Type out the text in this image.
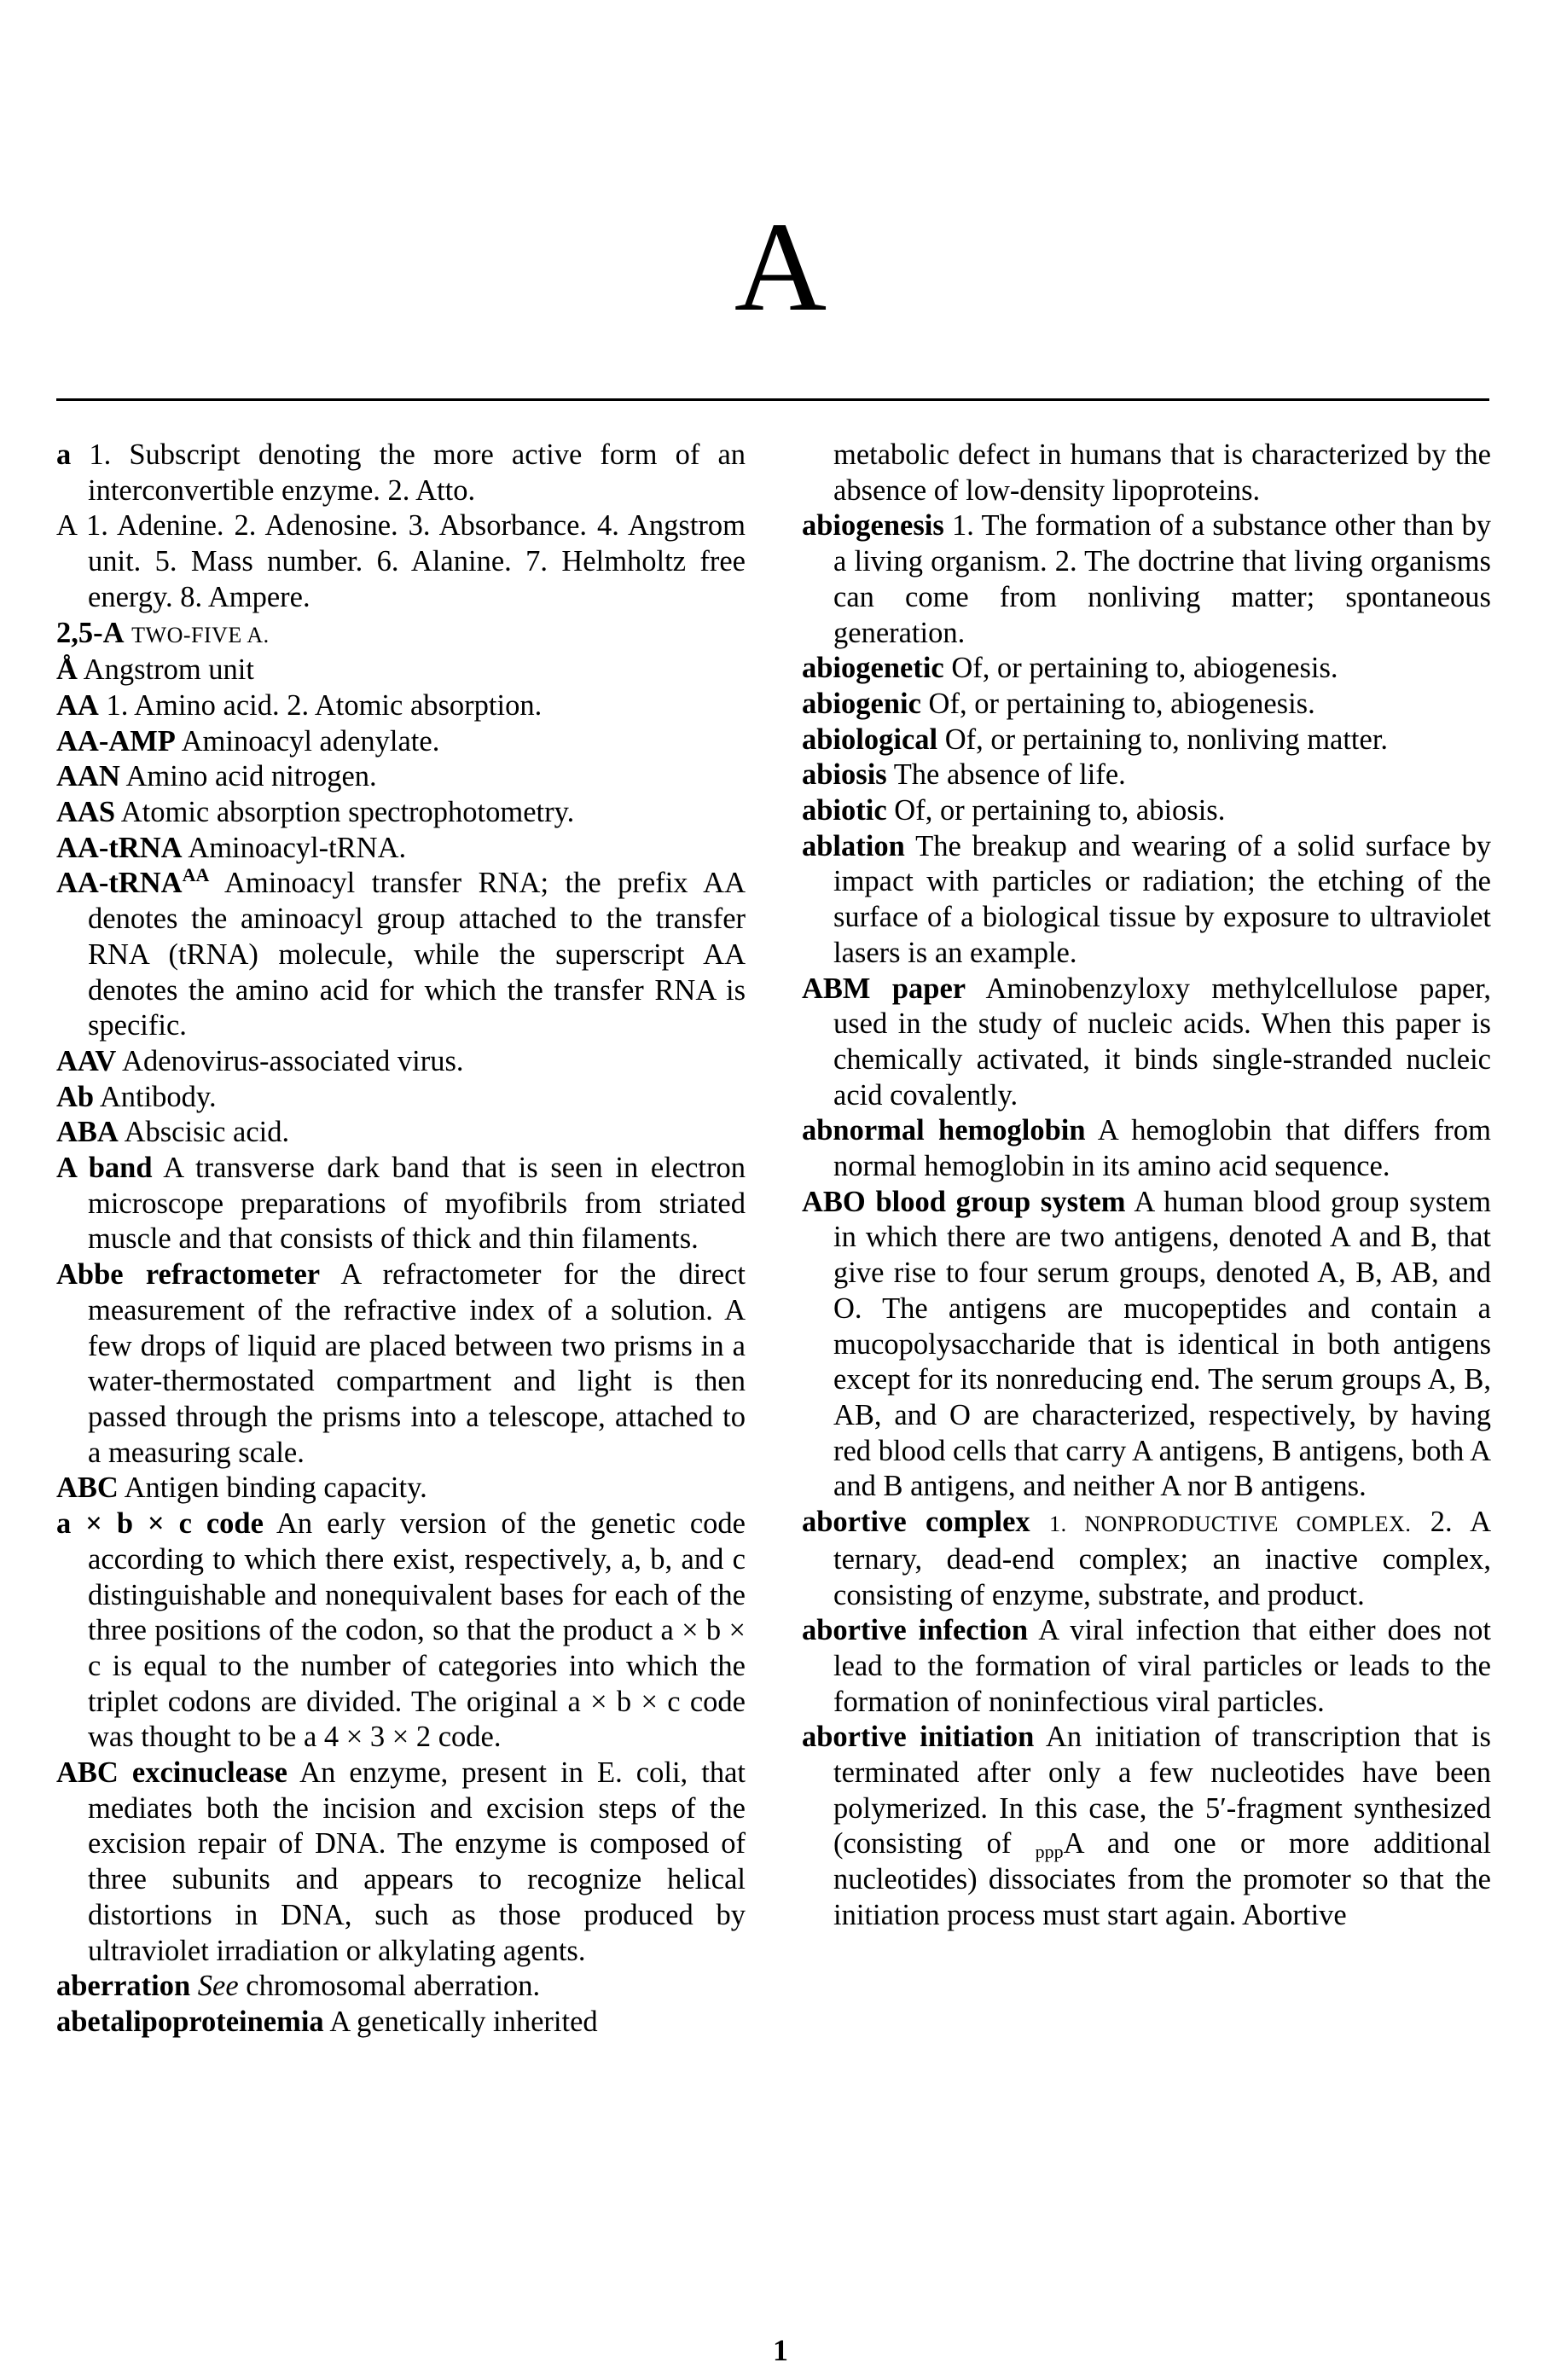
A

a 1. Subscript denoting the more active form of an interconvertible enzyme. 2. Atto.

A 1. Adenine. 2. Adenosine. 3. Absorbance. 4. Angstrom unit. 5. Mass number. 6. Alanine. 7. Helmholtz free energy. 8. Ampere.

2,5-A TWO-FIVE A.

Å Angstrom unit

AA 1. Amino acid. 2. Atomic absorption.

AA-AMP Aminoacyl adenylate.

AAN Amino acid nitrogen.

AAS Atomic absorption spectrophotometry.

AA-tRNA Aminoacyl-tRNA.

AA-tRNA$^{AA}$ Aminoacyl transfer RNA; the prefix AA denotes the aminoacyl group attached to the transfer RNA (tRNA) molecule, while the superscript AA denotes the amino acid for which the transfer RNA is specific.

AAV Adenovirus-associated virus.

Ab Antibody.

ABA Abscisic acid.

A band A transverse dark band that is seen in electron microscope preparations of myofibrils from striated muscle and that consists of thick and thin filaments.

Abbe refractometer A refractometer for the direct measurement of the refractive index of a solution. A few drops of liquid are placed between two prisms in a water-thermostated compartment and light is then passed through the prisms into a telescope, attached to a measuring scale.

ABC Antigen binding capacity.

a × b × c code An early version of the genetic code according to which there exist, respectively, a, b, and c distinguishable and nonequivalent bases for each of the three positions of the codon, so that the product a × b × c is equal to the number of categories into which the triplet codons are divided. The original a × b × c code was thought to be a 4 × 3 × 2 code.

ABC excinuclease An enzyme, present in E. coli, that mediates both the incision and excision steps of the excision repair of DNA. The enzyme is composed of three subunits and appears to recognize helical distortions in DNA, such as those produced by ultraviolet irradiation or alkylating agents.

aberration See chromosomal aberration.

abetalipoproteinemia A genetically inherited

metabolic defect in humans that is characterized by the absence of low-density lipoproteins.

abiogenesis 1. The formation of a substance other than by a living organism. 2. The doctrine that living organisms can come from nonliving matter; spontaneous generation.

abiogenetic Of, or pertaining to, abiogenesis.

abiogenic Of, or pertaining to, abiogenesis.

abiological Of, or pertaining to, nonliving matter.

abiosis The absence of life.

abiotic Of, or pertaining to, abiosis.

ablation The breakup and wearing of a solid surface by impact with particles or radiation; the etching of the surface of a biological tissue by exposure to ultraviolet lasers is an example.

ABM paper Aminobenzyloxy methylcellulose paper, used in the study of nucleic acids. When this paper is chemically activated, it binds single-stranded nucleic acid covalently.

abnormal hemoglobin A hemoglobin that differs from normal hemoglobin in its amino acid sequence.

ABO blood group system A human blood group system in which there are two antigens, denoted A and B, that give rise to four serum groups, denoted A, B, AB, and O. The antigens are mucopeptides and contain a mucopolysaccharide that is identical in both antigens except for its nonreducing end. The serum groups A, B, AB, and O are characterized, respectively, by having red blood cells that carry A antigens, B antigens, both A and B antigens, and neither A nor B antigens.

abortive complex 1. NONPRODUCTIVE COMPLEX. 2. A ternary, dead-end complex; an inactive complex, consisting of enzyme, substrate, and product.

abortive infection A viral infection that either does not lead to the formation of viral particles or leads to the formation of noninfectious viral particles.

abortive initiation An initiation of transcription that is terminated after only a few nucleotides have been polymerized. In this case, the 5′-fragment synthesized (consisting of $_{ppp}$A and one or more additional nucleotides) dissociates from the promoter so that the initiation process must start again. Abortive

1
